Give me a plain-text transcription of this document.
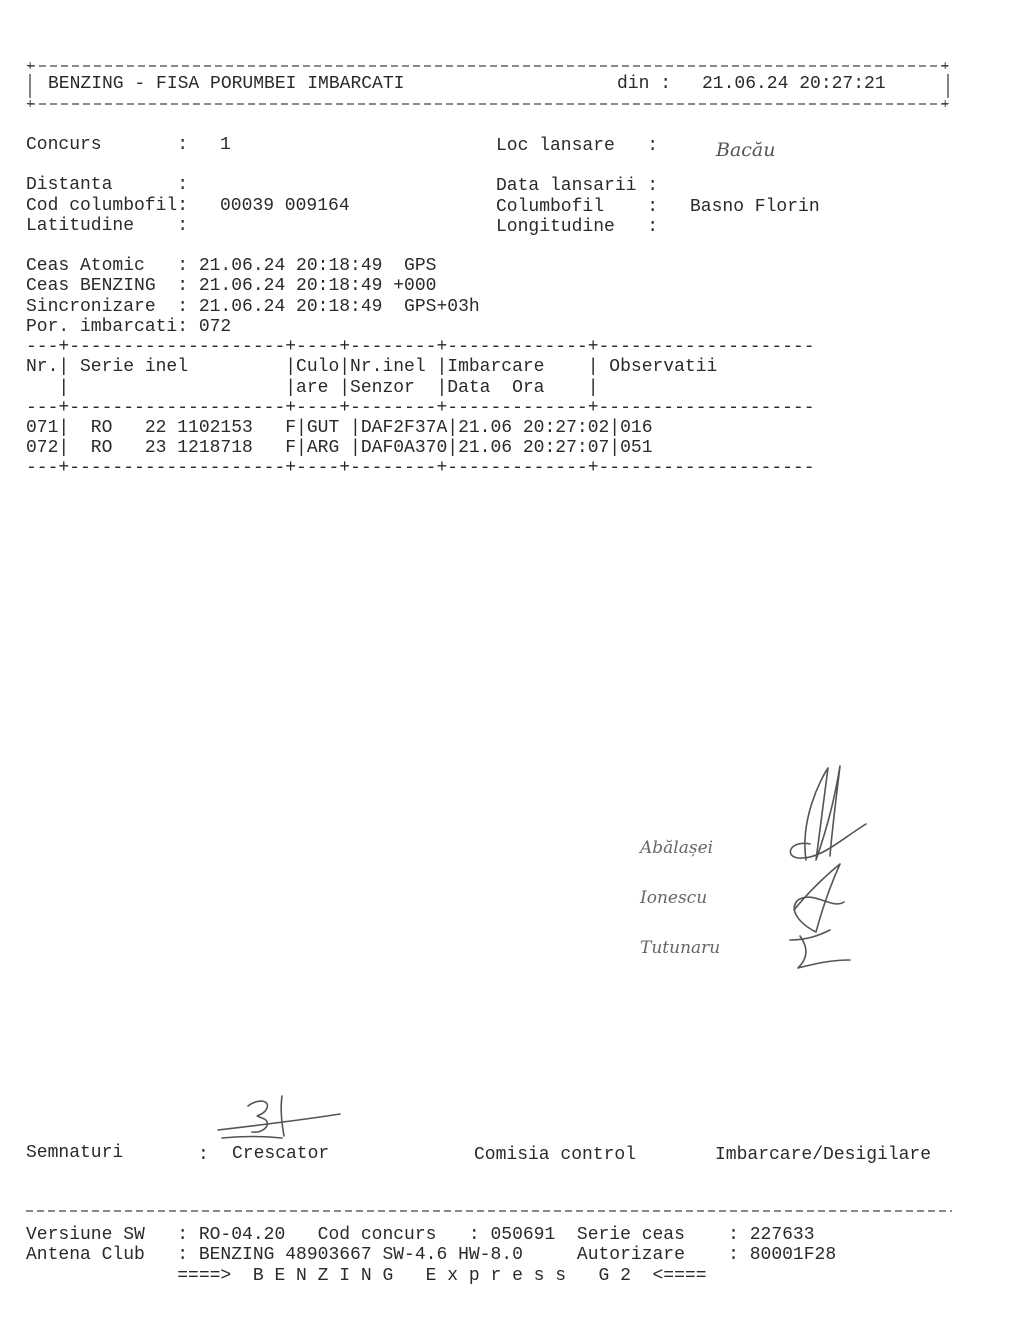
+	+
+	+
BENZING - FISA PORUMBEI IMBARCATI	din : 21.06.24 20:27:21
Concurs       : 1
Distanta      :
Cod columbofil: 00039 009164
Latitudine    :
Loc lansare   :	Bacău
Data lansarii :
Columbofil    : Basno Florin
Longitudine   :
Ceas Atomic   : 21.06.24 20:18:49  GPS
Ceas BENZING  : 21.06.24 20:18:49 +000
Sincronizare  : 21.06.24 20:18:49  GPS+03h
Por. imbarcati: 072
---+--------------------+----+--------+-------------+--------------------
Nr.| Serie inel         |Culo|Nr.inel |Imbarcare    | Observatii
|                    |are |Senzor  |Data  Ora    |
---+--------------------+----+--------+-------------+--------------------
071|  RO   22 1102153   F|GUT |DAF2F37A|21.06 20:27:02|016
072|  RO   23 1218718   F|ARG |DAF0A370|21.06 20:27:07|051
---+--------------------+----+--------+-------------+--------------------
Abălașei
Ionescu
Tutunaru
Semnaturi	: Crescator	Comisia control	Imbarcare/Desigilare
Versiune SW   : RO-04.20   Cod concurs   : 050691  Serie ceas    : 227633
Antena Club   : BENZING 48903667 SW-4.6 HW-8.0     Autorizare    : 80001F28
====>  B E N Z I N G   E x p r e s s   G 2  <====
